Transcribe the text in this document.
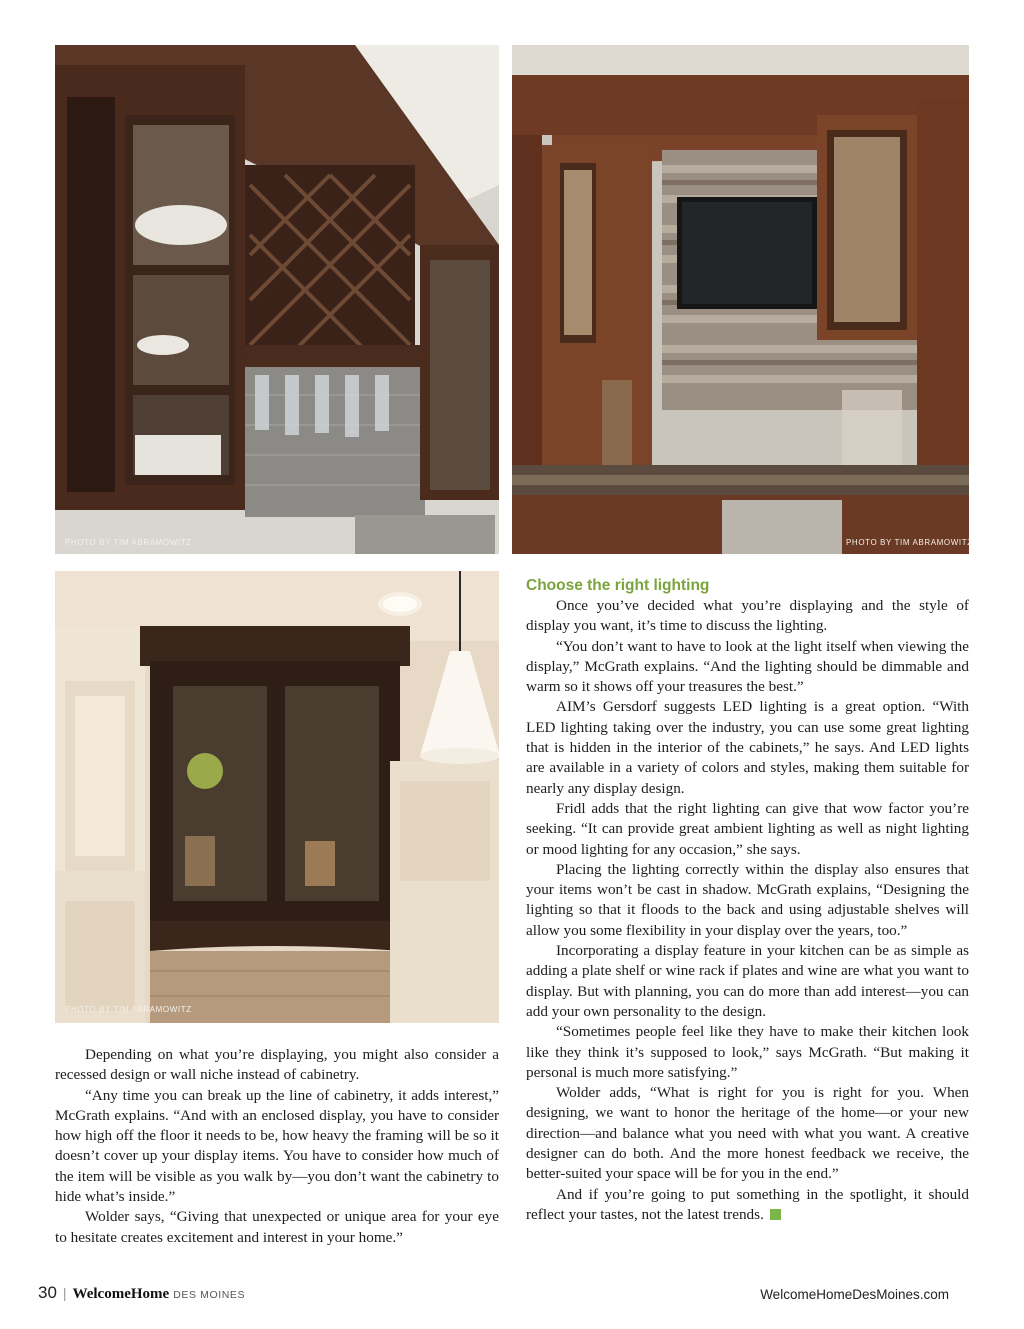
PHOTO BY TIM ABRAMOWITZ	PHOTO BY TIM ABRAMOWITZ
PHOTO BY TIM ABRAMOWITZ

Depending on what you’re displaying, you might also consider a recessed design or wall niche instead of cabinetry.

“Any time you can break up the line of cabinetry, it adds interest,” McGrath explains. “And with an enclosed display, you have to consider how high off the floor it needs to be, how heavy the framing will be so it doesn’t cover up your display items. You have to consider how much of the item will be visible as you walk by—you don’t want the cabinetry to hide what’s inside.”

Wolder says, “Giving that unexpected or unique area for your eye to hesitate creates excitement and interest in your home.”

Choose the right lighting

Once you’ve decided what you’re displaying and the style of display you want, it’s time to discuss the lighting.

“You don’t want to have to look at the light itself when viewing the display,” McGrath explains. “And the lighting should be dimmable and warm so it shows off your treasures the best.”

AIM’s Gersdorf suggests LED lighting is a great option. “With LED lighting taking over the industry, you can use some great lighting that is hidden in the interior of the cabinets,” he says. And LED lights are available in a variety of colors and styles, making them suitable for nearly any display design.

Fridl adds that the right lighting can give that wow factor you’re seeking. “It can provide great ambient lighting as well as night lighting or mood lighting for any occasion,” she says.

Placing the lighting correctly within the display also ensures that your items won’t be cast in shadow. McGrath explains, “Designing the lighting so that it floods to the back and using adjustable shelves will allow you some flexibility in your display over the years, too.”

Incorporating a display feature in your kitchen can be as simple as adding a plate shelf or wine rack if plates and wine are what you want to display. But with planning, you can do more than add interest—you can add your own personality to the design.

“Sometimes people feel like they have to make their kitchen look like they think it’s supposed to look,” says McGrath. “But making it personal is much more satisfying.”

Wolder adds, “What is right for you is right for you. When designing, we want to honor the heritage of the home—or your new direction—and balance what you need with what you want. A creative designer can do both. And the more honest feedback we receive, the better-suited your space will be for you in the end.”

And if you’re going to put something in the spotlight, it should reflect your tastes, not the latest trends.

30 | WelcomeHome DES MOINES	WelcomeHomeDesMoines.com
